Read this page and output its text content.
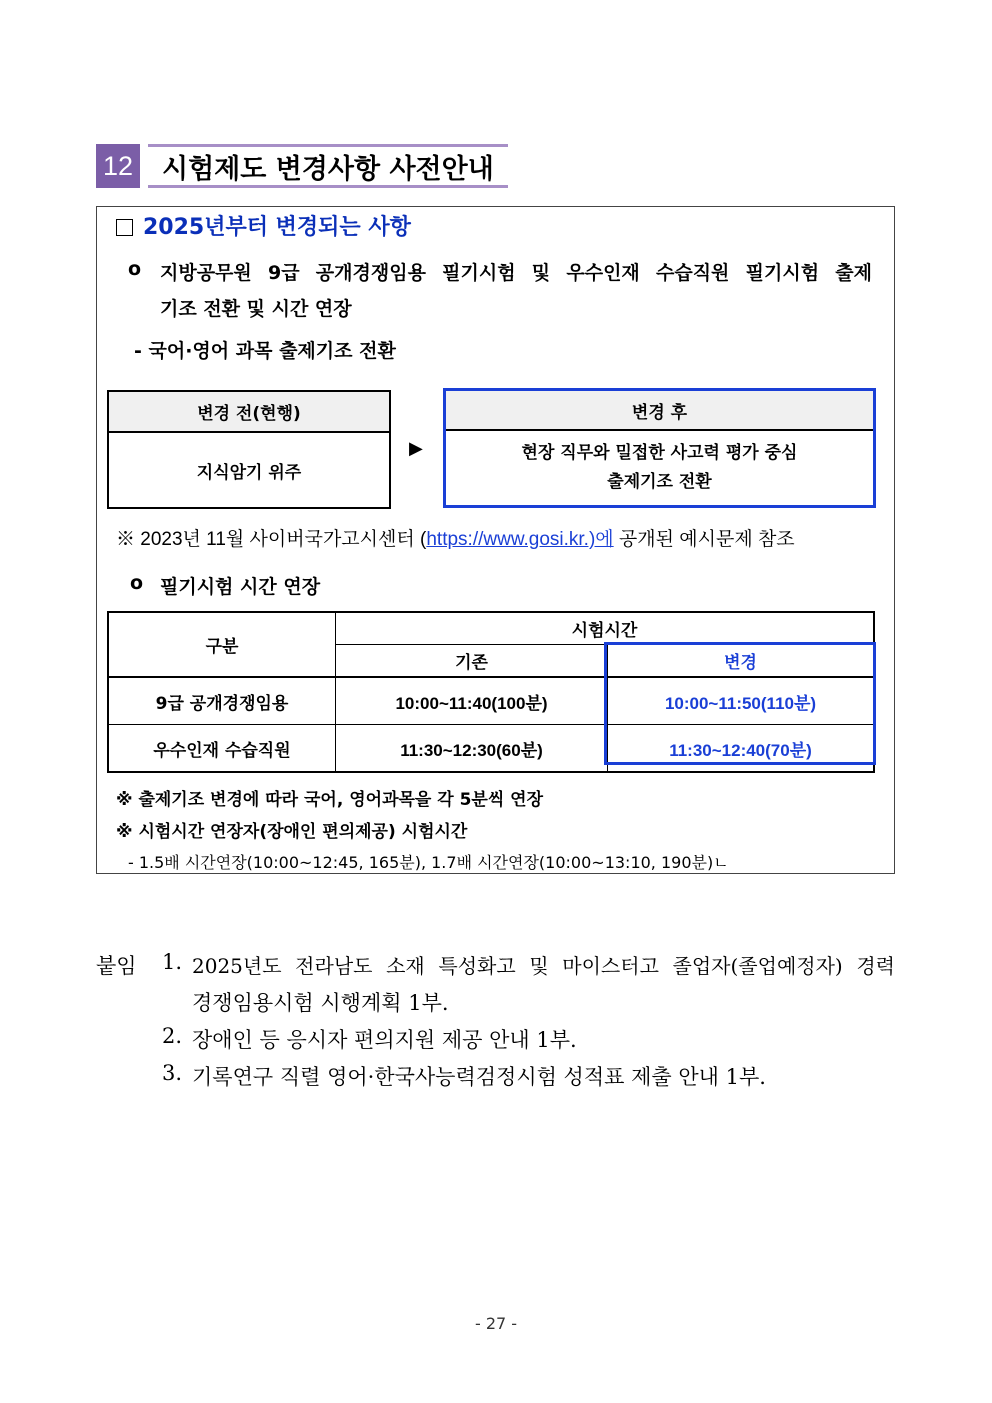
12	시험제도 변경사항 사전안내
2025년부터 변경되는 사항
o 지방공무원 9급 공개경쟁임용 필기시험 및 우수인재 수습직원 필기시험 출제
기조 전환 및 시간 연장
- 국어·영어 과목 출제기조 전환
변경 전(현행)
지식암기 위주
▶
변경 후
현장 직무와 밀접한 사고력 평가 중심
출제기조 전환
※ 2023년 11월 사이버국가고시센터 (https://www.gosi.kr.)에 공개된 예시문제 참조
o 필기시험 시간 연장
구분	시험시간	
	기존	변경
9급 공개경쟁임용	10:00~11:40(100분)	10:00~11:50(110분)
우수인재 수습직원	11:30~12:30(60분)	11:30~12:40(70분)
※ 출제기조 변경에 따라 국어, 영어과목을 각 5분씩 연장
※ 시험시간 연장자(장애인 편의제공) 시험시간
- 1.5배 시간연장(10:00~12:45, 165분), 1.7배 시간연장(10:00~13:10, 190분)ㄴ
붙임 1. 2025년도 전라남도 소재 특성화고 및 마이스터고 졸업자(졸업예정자) 경력
경쟁임용시험 시행계획 1부.
2. 장애인 등 응시자 편의지원 제공 안내 1부.
3. 기록연구 직렬 영어·한국사능력검정시험 성적표 제출 안내 1부.
- 27 -
